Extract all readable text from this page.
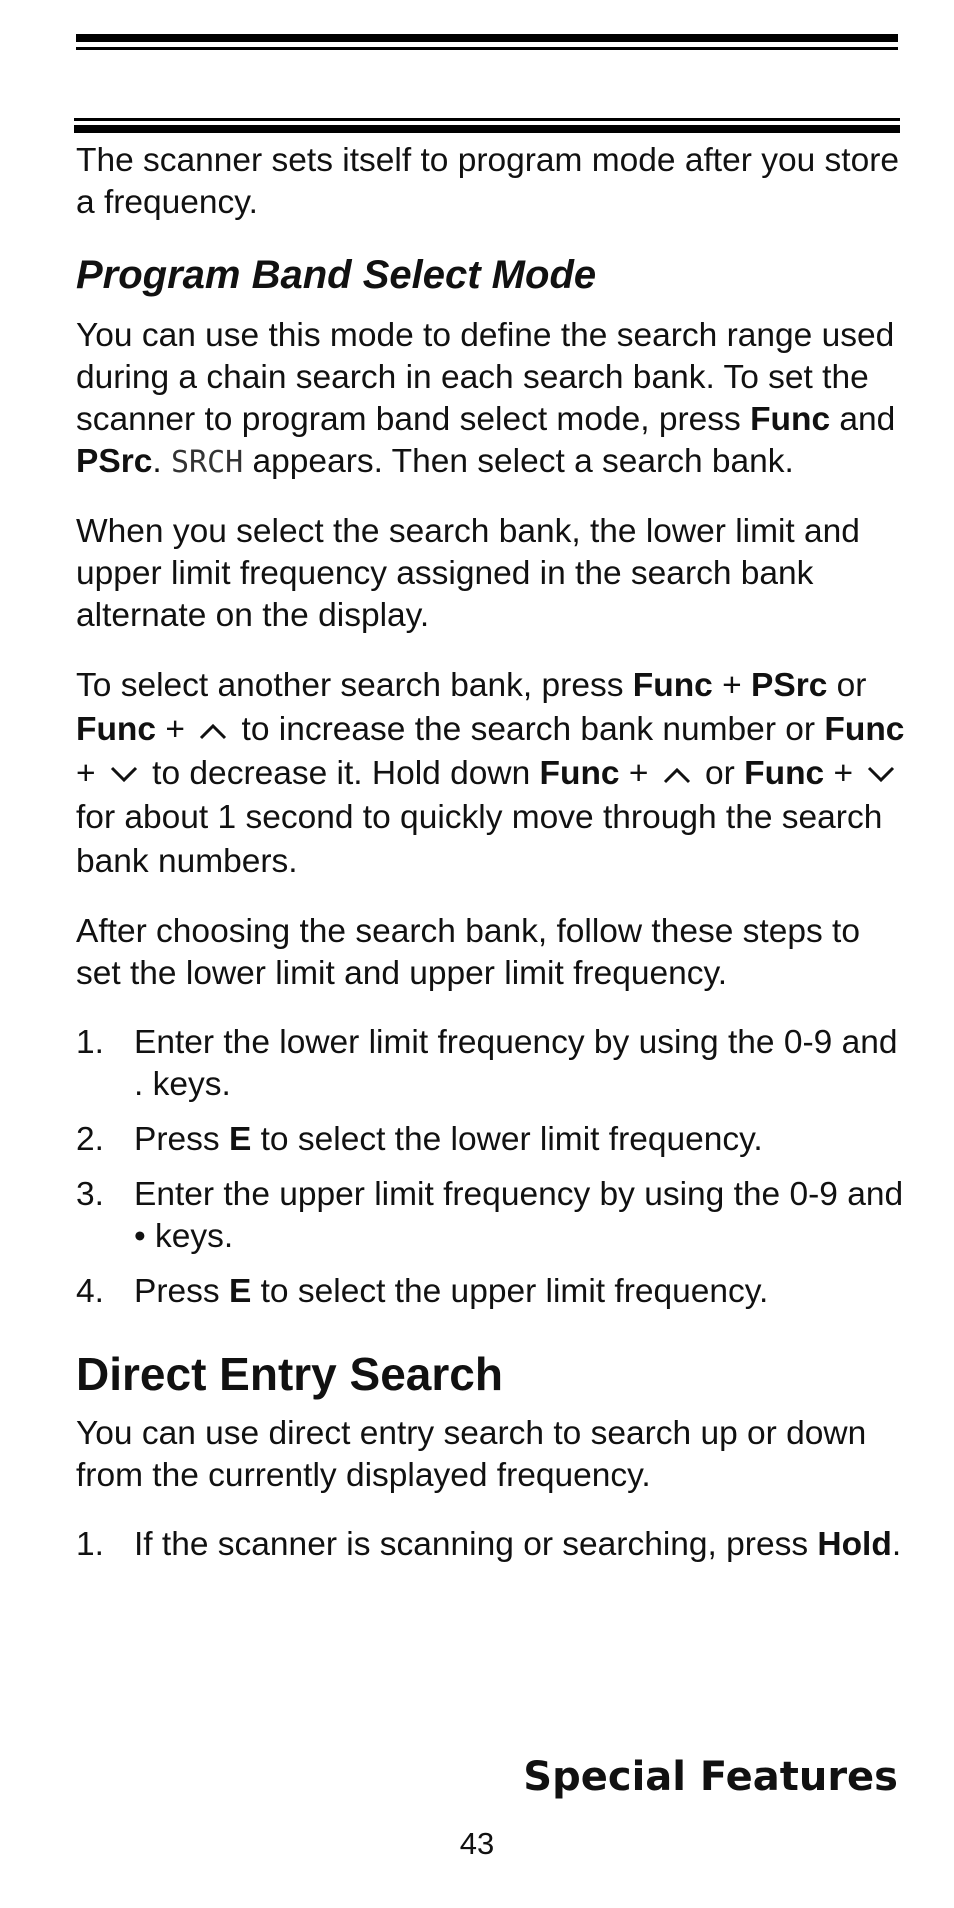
The scanner sets itself to program mode after you store a frequency.

Program Band Select Mode

You can use this mode to define the search range used during a chain search in each search bank. To set the scanner to program band select mode, press Func and PSrc. SRCH appears. Then select a search bank.

When you select the search bank, the lower limit and upper limit frequency assigned in the search bank alternate on the display.

To select another search bank, press Func + PSrc or Func +
to increase the search bank number or Func +
to decrease it. Hold down Func +
or Func +
for about 1 second to quickly move through the search bank numbers.

After choosing the search bank, follow these steps to set the lower limit and upper limit frequency.

1. Enter the lower limit frequency by using the 0-9 and . keys.
2. Press E to select the lower limit frequency.
3. Enter the upper limit frequency by using the 0-9 and • keys.
4. Press E to select the upper limit frequency.
Direct Entry Search

You can use direct entry search to search up or down from the currently displayed frequency.

1. If the scanner is scanning or searching, press Hold.
Special Features
43
